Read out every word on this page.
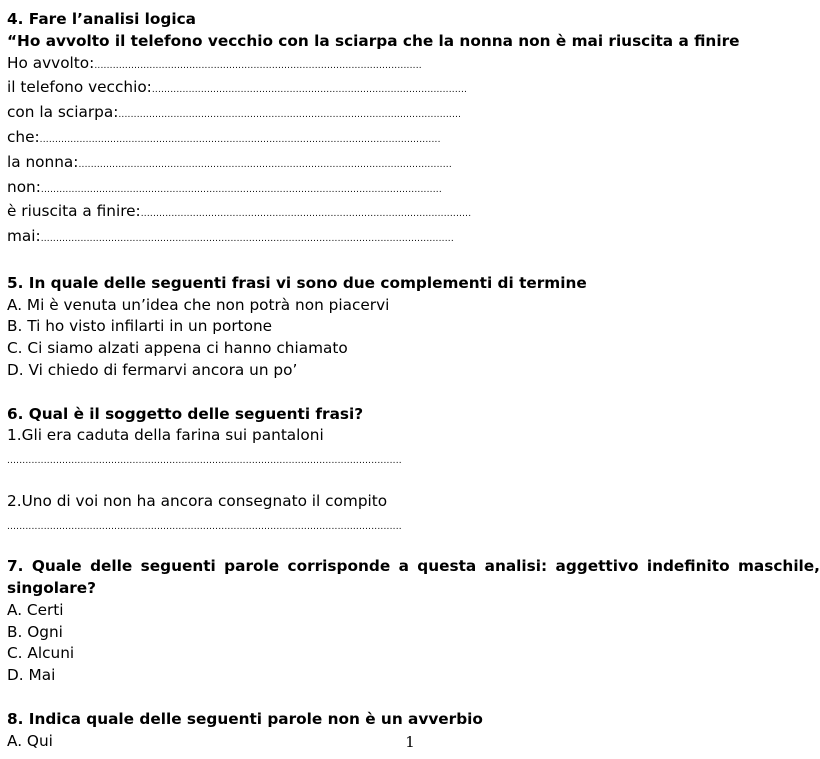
4. Fare l’analisi logica
“Ho avvolto il telefono vecchio con la sciarpa che la nonna non è mai riuscita a finire
Ho avvolto: ...........................................................................................................
il telefono vecchio: .......................................................................................................
con la sciarpa: ................................................................................................................
che: ...................................................................................................................................
la nonna: ..........................................................................................................................
non: ...................................................................................................................................
è riuscita a finire: ............................................................................................................
mai: .......................................................................................................................................
5. In quale delle seguenti frasi vi sono due complementi di termine
A. Mi è venuta un’idea che non potrà non piacervi
B. Ti ho visto infilarti in un portone
C. Ci siamo alzati appena ci hanno chiamato
D. Vi chiedo di fermarvi ancora un po’
6. Qual è il soggetto delle seguenti frasi?
1.Gli era caduta della farina sui pantaloni
.................................................................................................................................
2.Uno di voi non ha ancora consegnato il compito
.................................................................................................................................
7. Quale delle seguenti parole corrisponde a questa analisi: aggettivo indefinito maschile, singolare?
A. Certi
B. Ogni
C. Alcuni
D. Mai
8. Indica quale delle seguenti parole non è un avverbio
A. Qui	1
